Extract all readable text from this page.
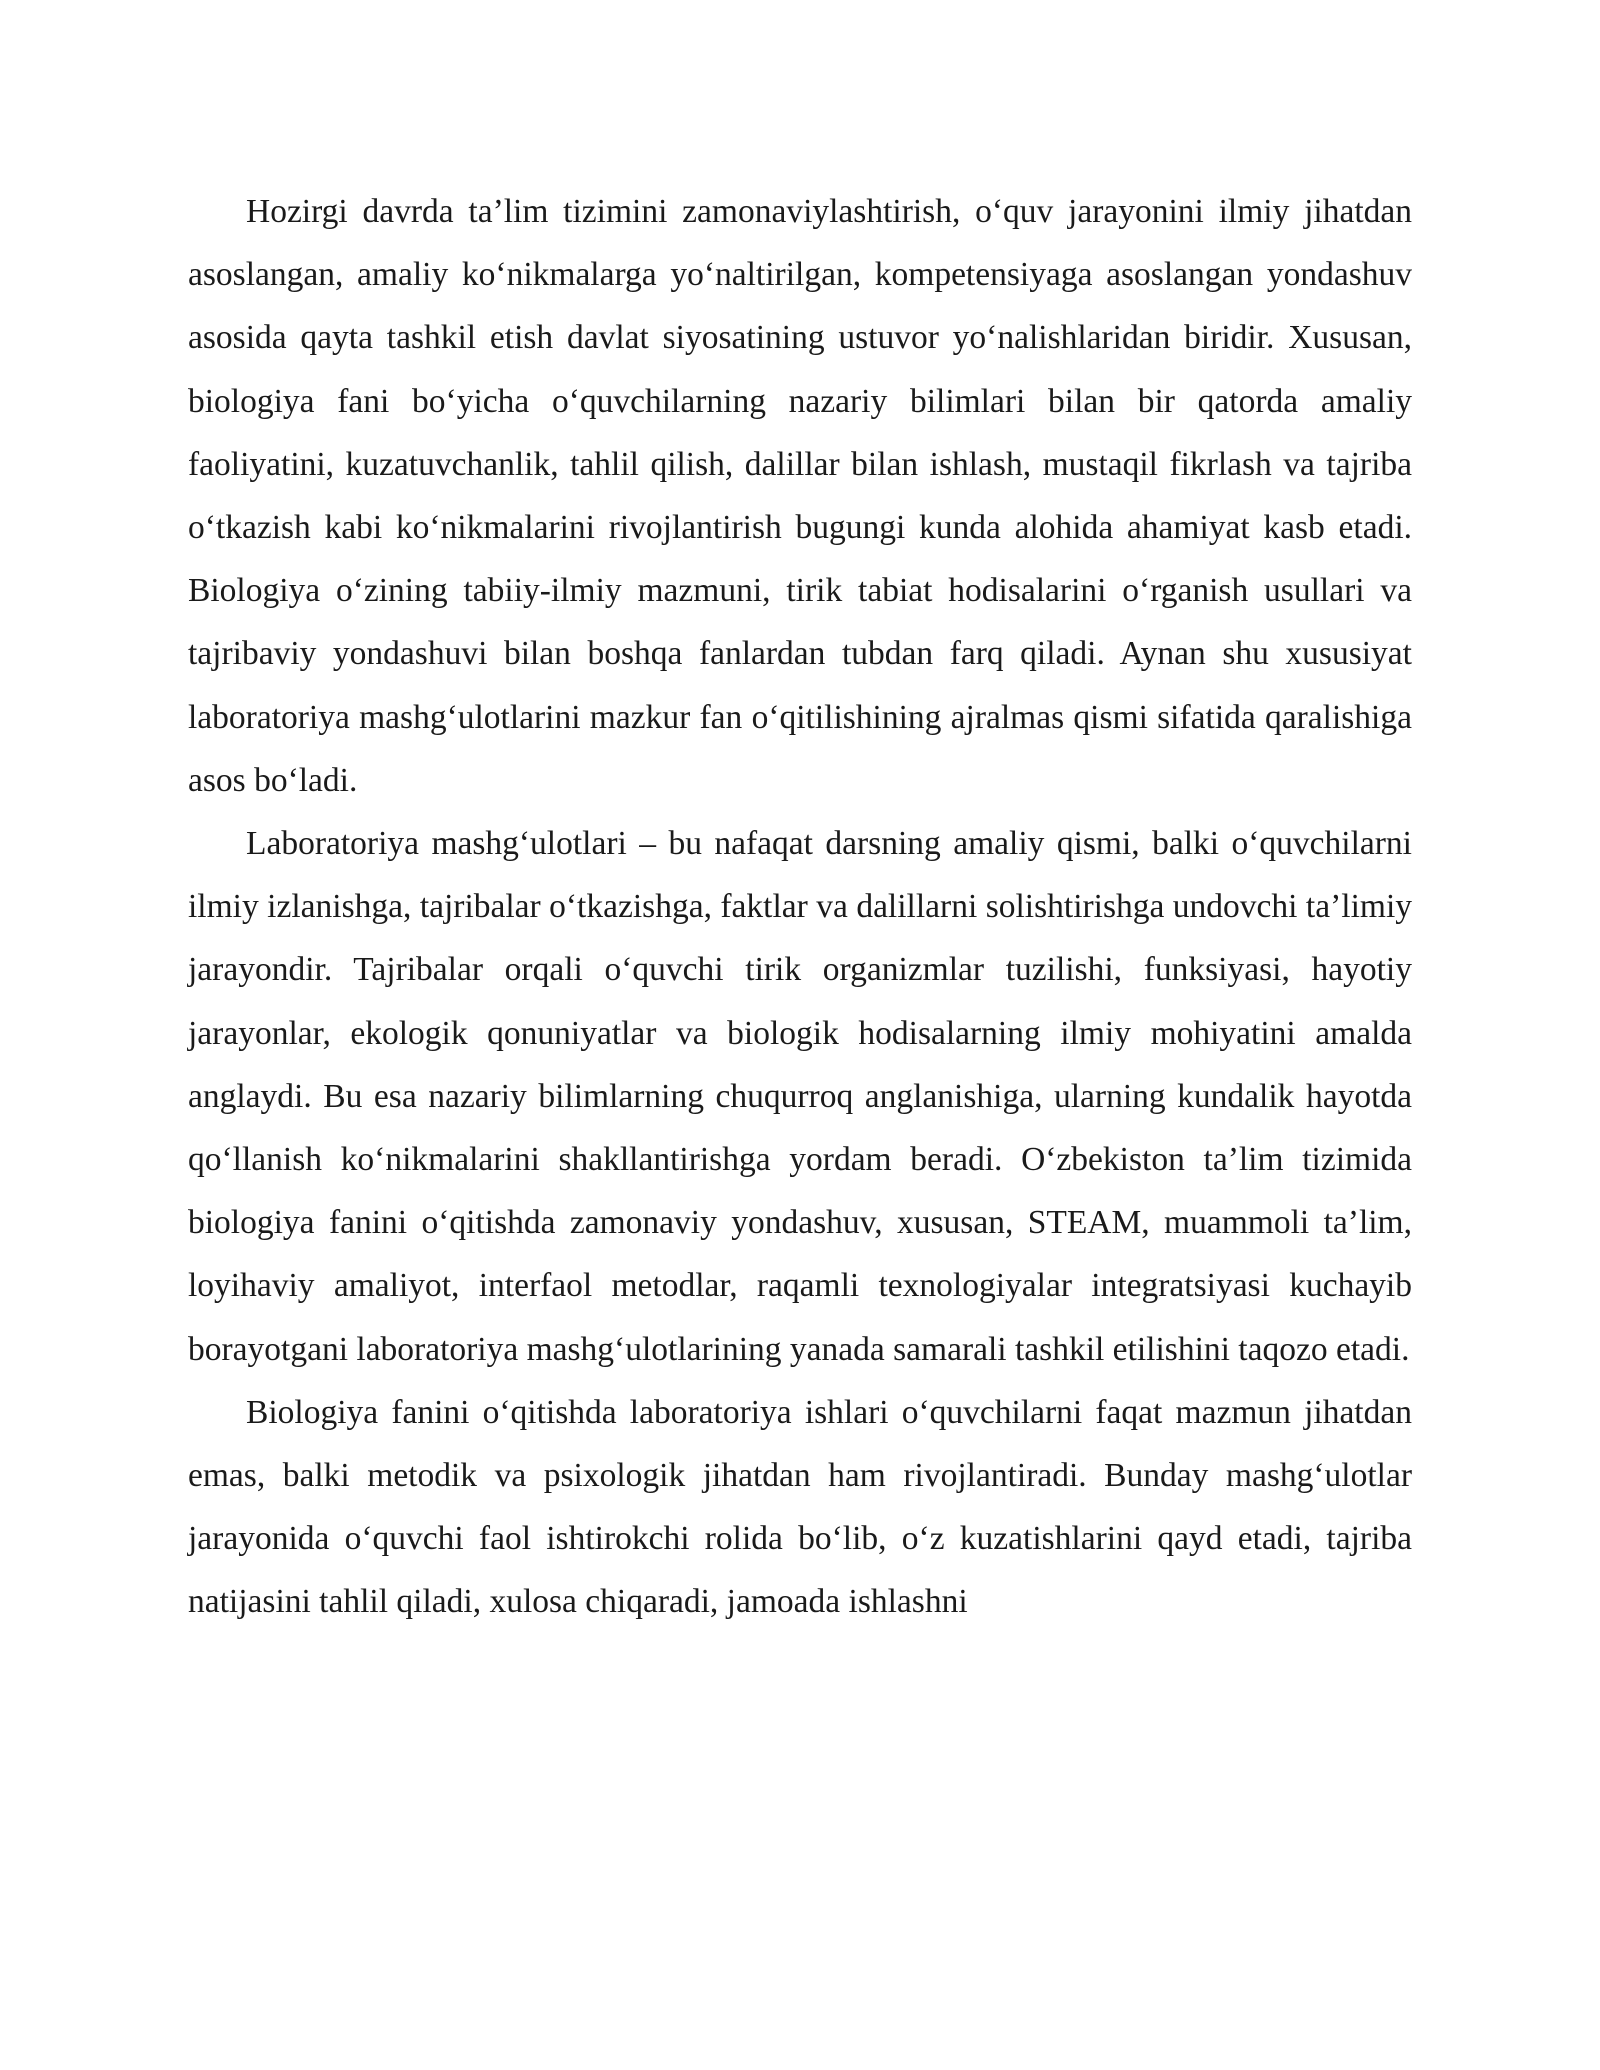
Hozirgi davrda ta’lim tizimini zamonaviylashtirish, o‘quv jarayonini ilmiy jihatdan asoslangan, amaliy ko‘nikmalarga yo‘naltirilgan, kompetensiyaga asoslangan yondashuv asosida qayta tashkil etish davlat siyosatining ustuvor yo‘nalishlaridan biridir. Xususan, biologiya fani bo‘yicha o‘quvchilarning nazariy bilimlari bilan bir qatorda amaliy faoliyatini, kuzatuvchanlik, tahlil qilish, dalillar bilan ishlash, mustaqil fikrlash va tajriba o‘tkazish kabi ko‘nikmalarini rivojlantirish bugungi kunda alohida ahamiyat kasb etadi. Biologiya o‘zining tabiiy-ilmiy mazmuni, tirik tabiat hodisalarini o‘rganish usullari va tajribaviy yondashuvi bilan boshqa fanlardan tubdan farq qiladi. Aynan shu xususiyat laboratoriya mashg‘ulotlarini mazkur fan o‘qitilishining ajralmas qismi sifatida qaralishiga asos bo‘ladi.

Laboratoriya mashg‘ulotlari – bu nafaqat darsning amaliy qismi, balki o‘quvchilarni ilmiy izlanishga, tajribalar o‘tkazishga, faktlar va dalillarni solishtirishga undovchi ta’limiy jarayondir. Tajribalar orqali o‘quvchi tirik organizmlar tuzilishi, funksiyasi, hayotiy jarayonlar, ekologik qonuniyatlar va biologik hodisalarning ilmiy mohiyatini amalda anglaydi. Bu esa nazariy bilimlarning chuqurroq anglanishiga, ularning kundalik hayotda qo‘llanish ko‘nikmalarini shakllantirishga yordam beradi. O‘zbekiston ta’lim tizimida biologiya fanini o‘qitishda zamonaviy yondashuv, xususan, STEAM, muammoli ta’lim, loyihaviy amaliyot, interfaol metodlar, raqamli texnologiyalar integratsiyasi kuchayib borayotgani laboratoriya mashg‘ulotlarining yanada samarali tashkil etilishini taqozo etadi.

Biologiya fanini o‘qitishda laboratoriya ishlari o‘quvchilarni faqat mazmun jihatdan emas, balki metodik va psixologik jihatdan ham rivojlantiradi. Bunday mashg‘ulotlar jarayonida o‘quvchi faol ishtirokchi rolida bo‘lib, o‘z kuzatishlarini qayd etadi, tajriba natijasini tahlil qiladi, xulosa chiqaradi, jamoada ishlashni
